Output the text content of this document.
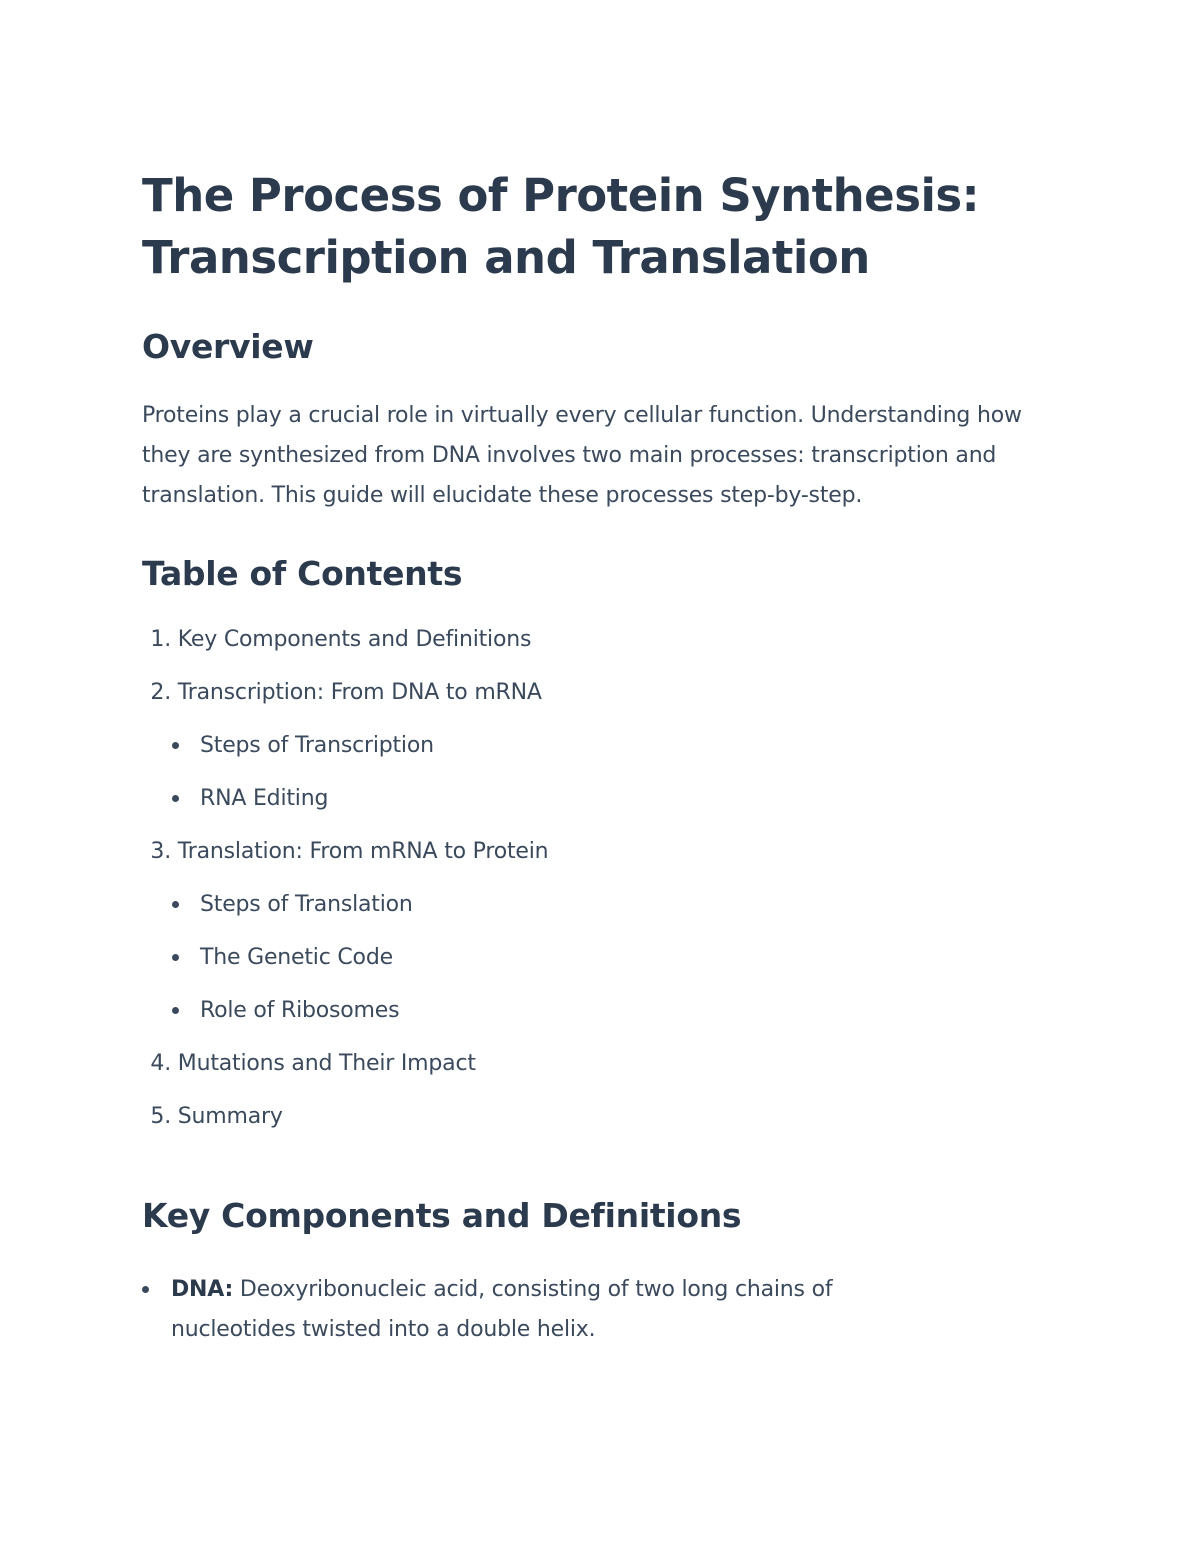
The Process of Protein Synthesis:
Transcription and Translation
Overview

Proteins play a crucial role in virtually every cellular function. Understanding how they are synthesized from DNA involves two main processes: transcription and translation. This guide will elucidate these processes step-by-step.

Table of Contents
1.
Key Components and Definitions
2.
Transcription: From DNA to mRNA
Steps of Transcription
RNA Editing
3.
Translation: From mRNA to Protein
Steps of Translation
The Genetic Code
Role of Ribosomes
4.
Mutations and Their Impact
5.
Summary
Key Components and Definitions
DNA: Deoxyribonucleic acid, consisting of two long chains of nucleotides twisted into a double helix.
